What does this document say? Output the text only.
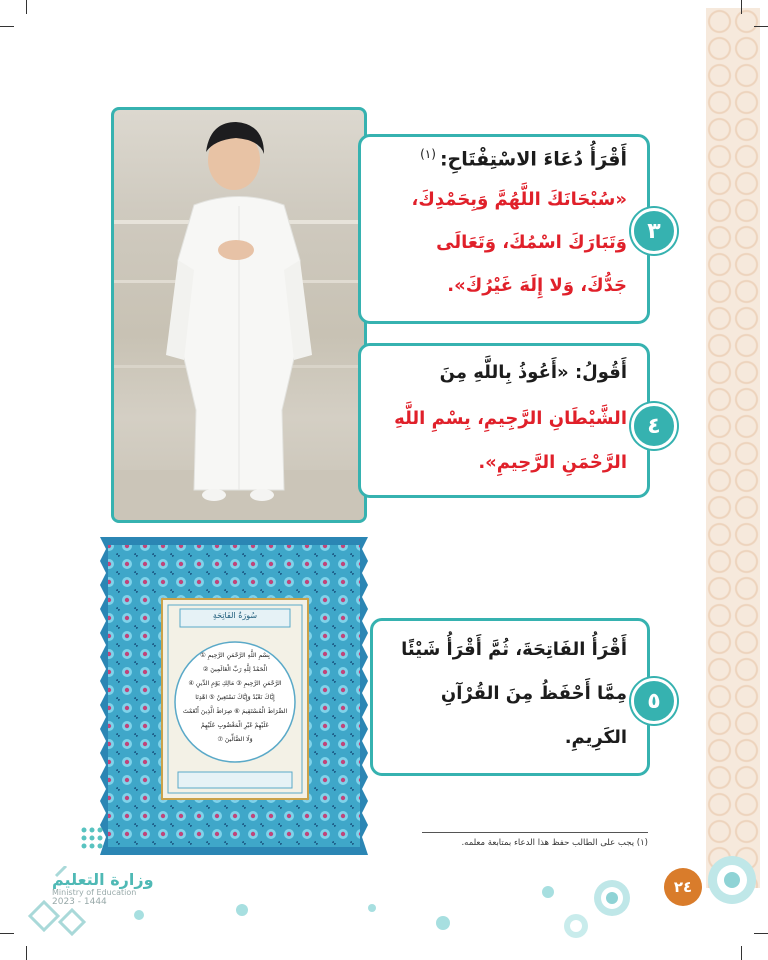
أَقْرَأُ دُعَاءَ الاسْتِفْتَاحِ:$^{(١)}$
«سُبْحَانَكَ اللَّهُمَّ وَبِحَمْدِكَ،
وَتَبَارَكَ اسْمُكَ، وَتَعَالَى
جَدُّكَ، وَلا إِلَهَ غَيْرُكَ».
٣
أَقُولُ: «أَعُوذُ بِاللَّهِ مِنَ
الشَّيْطَانِ الرَّجِيمِ، بِسْمِ اللَّهِ
الرَّحْمَنِ الرَّحِيمِ».
٤
أَقْرَأُ الفَاتِحَةَ، ثُمَّ أَقْرَأُ شَيْئًا
مِمَّا أَحْفَظُ مِنَ القُرْآنِ
الكَرِيمِ.
٥
سُورَةُ الفَاتِحَةِ
بِسْمِ اللَّهِ الرَّحْمَنِ الرَّحِيمِ ①
الْحَمْدُ لِلَّهِ رَبِّ الْعَالَمِينَ ②
الرَّحْمَنِ الرَّحِيمِ ③ مَالِكِ يَوْمِ الدِّينِ ④
إِيَّاكَ نَعْبُدُ وَإِيَّاكَ نَسْتَعِينُ ⑤ اهْدِنَا
الصِّرَاطَ الْمُسْتَقِيمَ ⑥ صِرَاطَ الَّذِينَ أَنْعَمْتَ
عَلَيْهِمْ غَيْرِ الْمَغْضُوبِ عَلَيْهِمْ
وَلَا الضَّالِّينَ ⑦
(١) يجب على الطالب حفظ هذا الدعاء بمتابعة معلمه.
٢٤
وزارة التعليم
Ministry of Education
2023 - 1444
